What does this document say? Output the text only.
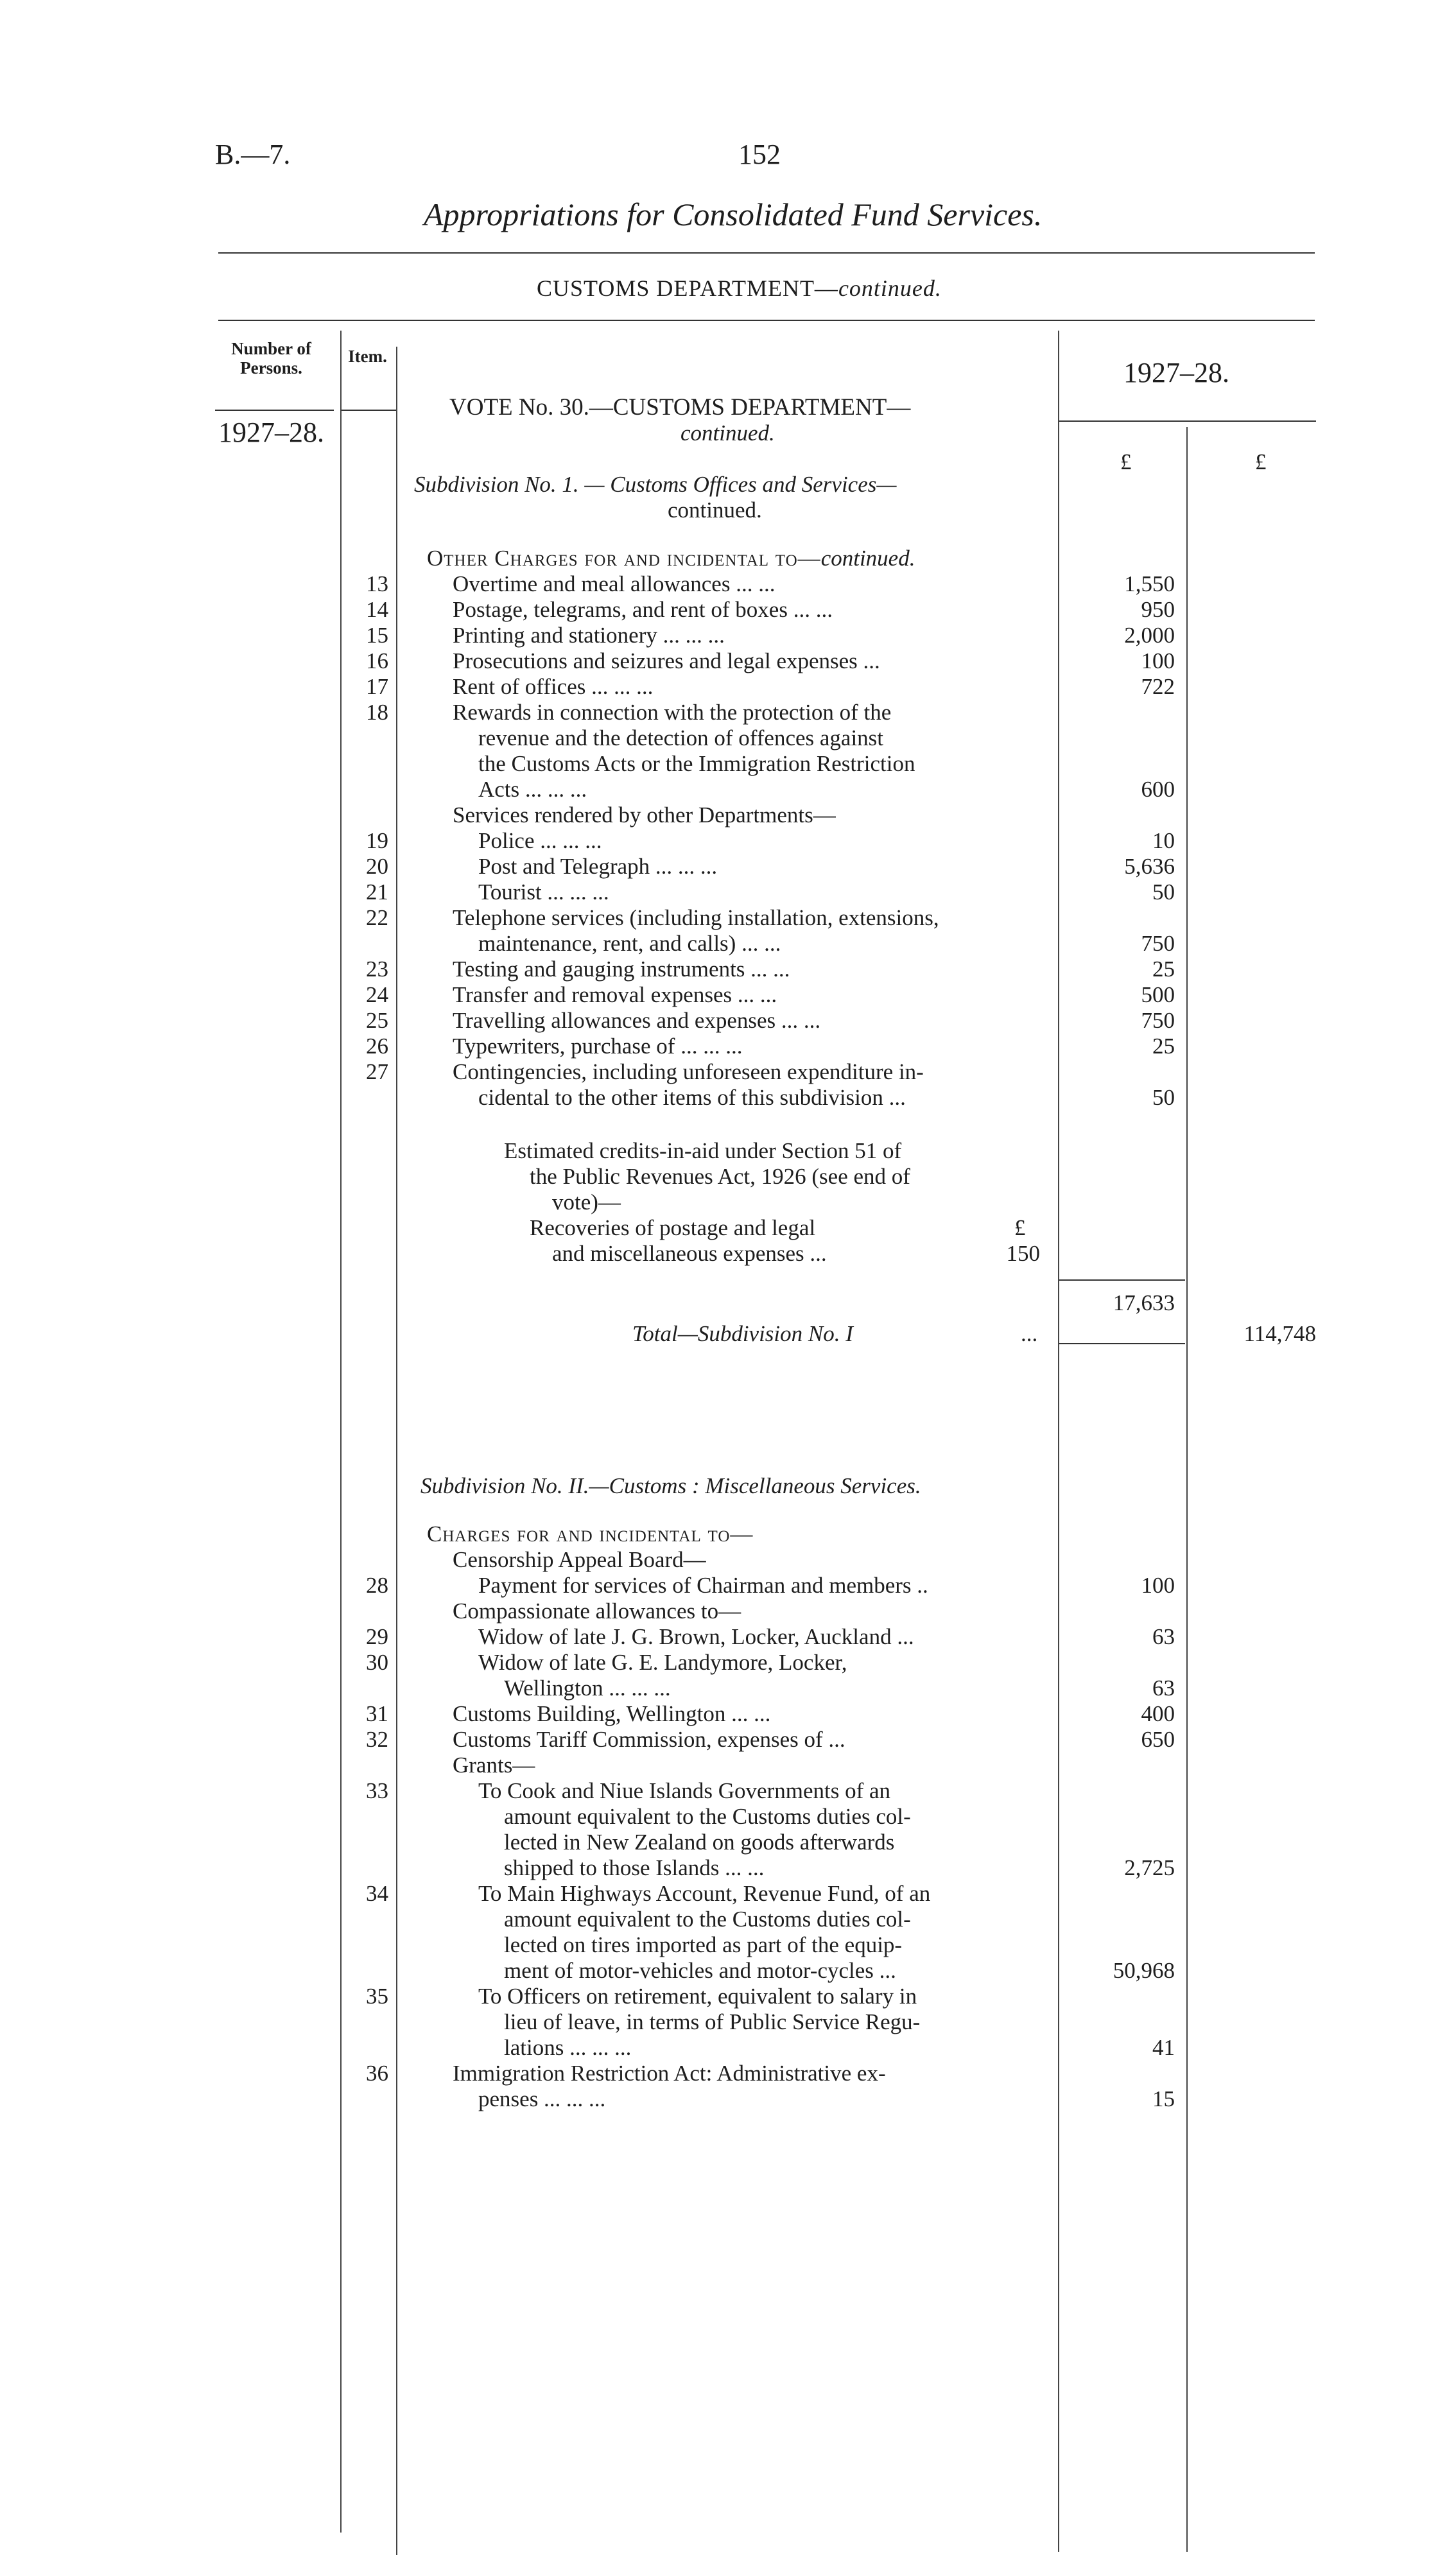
B.—7.	152
Appropriations for Consolidated Fund Services.
CUSTOMS DEPARTMENT—continued.
Number of Persons.
Item.
1927–28.
1927–28.
£	£
VOTE No. 30.—CUSTOMS DEPARTMENT—
continued.
Subdivision No. 1. — Customs Offices and Services—
continued.
Other Charges for and incidental to—continued.
13	Overtime and meal allowances ... ...	1,550
14	Postage, telegrams, and rent of boxes ... ...	950
15	Printing and stationery ... ... ...	2,000
16	Prosecutions and seizures and legal expenses ...	100
17	Rent of offices ... ... ...	722
18	Rewards in connection with the protection of the
revenue and the detection of offences against
the Customs Acts or the Immigration Restriction
Acts ... ... ...	600
Services rendered by other Departments—
19	Police ... ... ...	10
20	Post and Telegraph ... ... ...	5,636
21	Tourist ... ... ...	50
22	Telephone services (including installation, extensions,
maintenance, rent, and calls) ... ...	750
23	Testing and gauging instruments ... ...	25
24	Transfer and removal expenses ... ...	500
25	Travelling allowances and expenses ... ...	750
26	Typewriters, purchase of ... ... ...	25
27	Contingencies, including unforeseen expenditure in-
cidental to the other items of this subdivision ...	50
Estimated credits-in-aid under Section 51 of
the Public Revenues Act, 1926 (see end of
vote)—
Recoveries of postage and legal	£
and miscellaneous expenses ...	150
17,633
Total—Subdivision No. I	...	114,748
Subdivision No. II.—Customs : Miscellaneous Services.
Charges for and incidental to—
Censorship Appeal Board—
Compassionate allowances to—
Grants—
28	Payment for services of Chairman and members ..	100
29	Widow of late J. G. Brown, Locker, Auckland ...	63
30	Widow of late G. E. Landymore, Locker,
Wellington ... ... ...	63
31	Customs Building, Wellington ... ...	400
32	Customs Tariff Commission, expenses of ...	650
33	To Cook and Niue Islands Governments of an
amount equivalent to the Customs duties col-
lected in New Zealand on goods afterwards
shipped to those Islands ... ...	2,725
34	To Main Highways Account, Revenue Fund, of an
amount equivalent to the Customs duties col-
lected on tires imported as part of the equip-
ment of motor-vehicles and motor-cycles ...	50,968
35	To Officers on retirement, equivalent to salary in
lieu of leave, in terms of Public Service Regu-
lations ... ... ...	41
36	Immigration Restriction Act: Administrative ex-
penses ... ... ...	15
